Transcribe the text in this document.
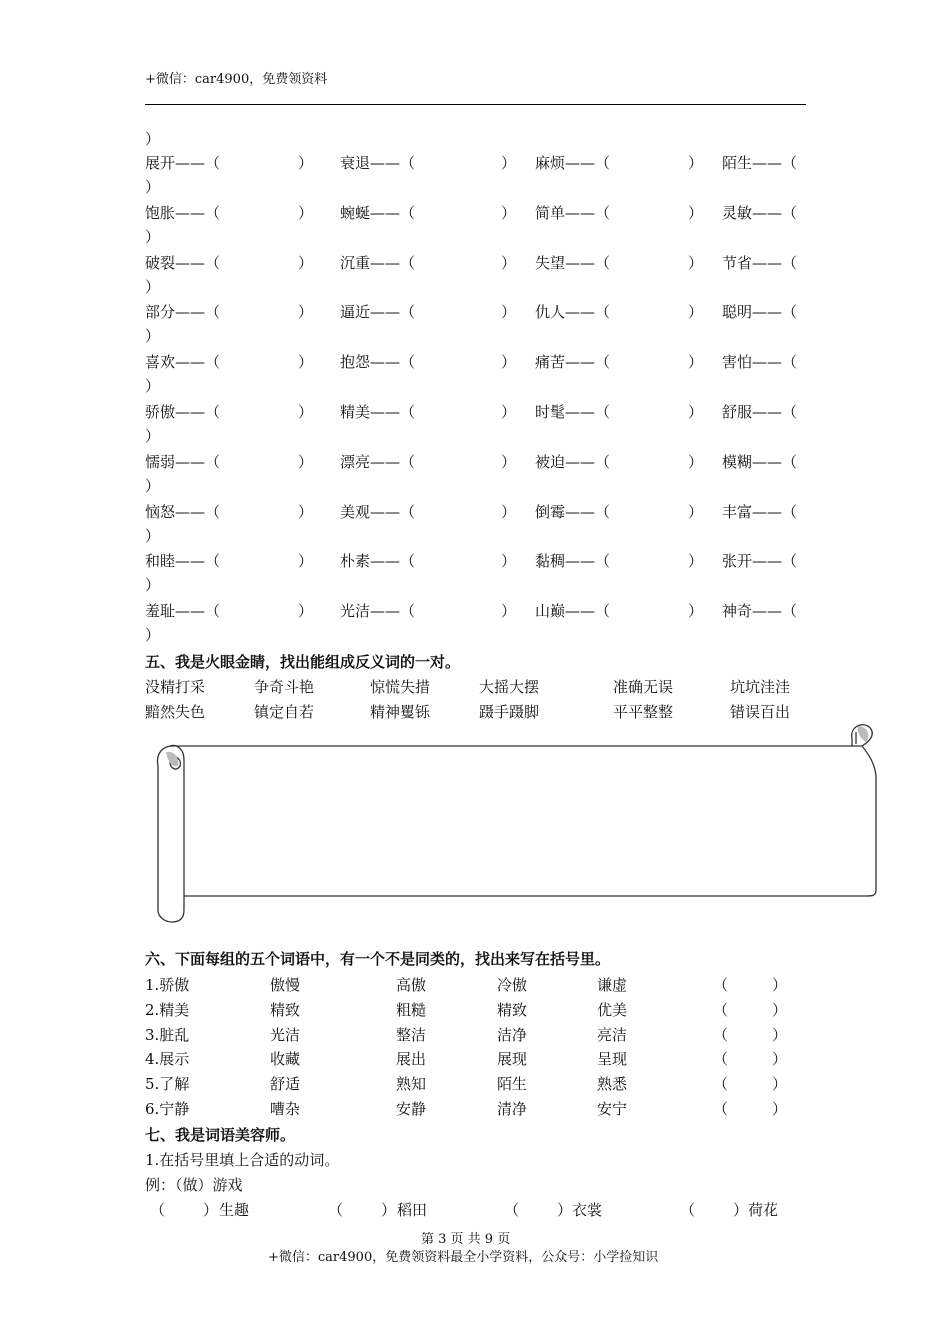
+微信：car4900，免费领资料
）
展开——（	） 衰退——（	） 麻烦——（	） 陌生——（
）
饱胀——（	） 蜿蜒——（	） 简单——（	） 灵敏——（
）
破裂——（	） 沉重——（	） 失望——（	） 节省——（
）
部分——（	） 逼近——（	） 仇人——（	） 聪明——（
）
喜欢——（	） 抱怨——（	） 痛苦——（	） 害怕——（
）
骄傲——（	） 精美——（	） 时髦——（	） 舒服——（
）
懦弱——（	） 漂亮——（	） 被迫——（	） 模糊——（
）
恼怒——（	） 美观——（	） 倒霉——（	） 丰富——（
）
和睦——（	） 朴素——（	） 黏稠——（	） 张开——（
）
羞耻——（	） 光洁——（	） 山巅——（	） 神奇——（
）
五、我是火眼金睛，找出能组成反义词的一对。
没精打采	争奇斗艳	惊慌失措	大摇大摆	准确无误	坑坑洼洼
黯然失色	镇定自若	精神矍铄	蹑手蹑脚	平平整整	错误百出
六、下面每组的五个词语中，有一个不是同类的，找出来写在括号里。
1.骄傲	傲慢	高傲	冷傲	谦虚	（	）
2.精美	精致	粗糙	精致	优美	（	）
3.脏乱	光洁	整洁	洁净	亮洁	（	）
4.展示	收藏	展出	展现	呈现	（	）
5.了解	舒适	熟知	陌生	熟悉	（	）
6.宁静	嘈杂	安静	清净	安宁	（	）
七、我是词语美容师。
1.在括号里填上合适的动词。
例：（做）游戏
（	） 生趣	（	） 稻田	（	） 衣裳	（	） 荷花
第 3 页 共 9 页
+微信：car4900，免费领资料最全小学资料，公众号：小学捡知识
